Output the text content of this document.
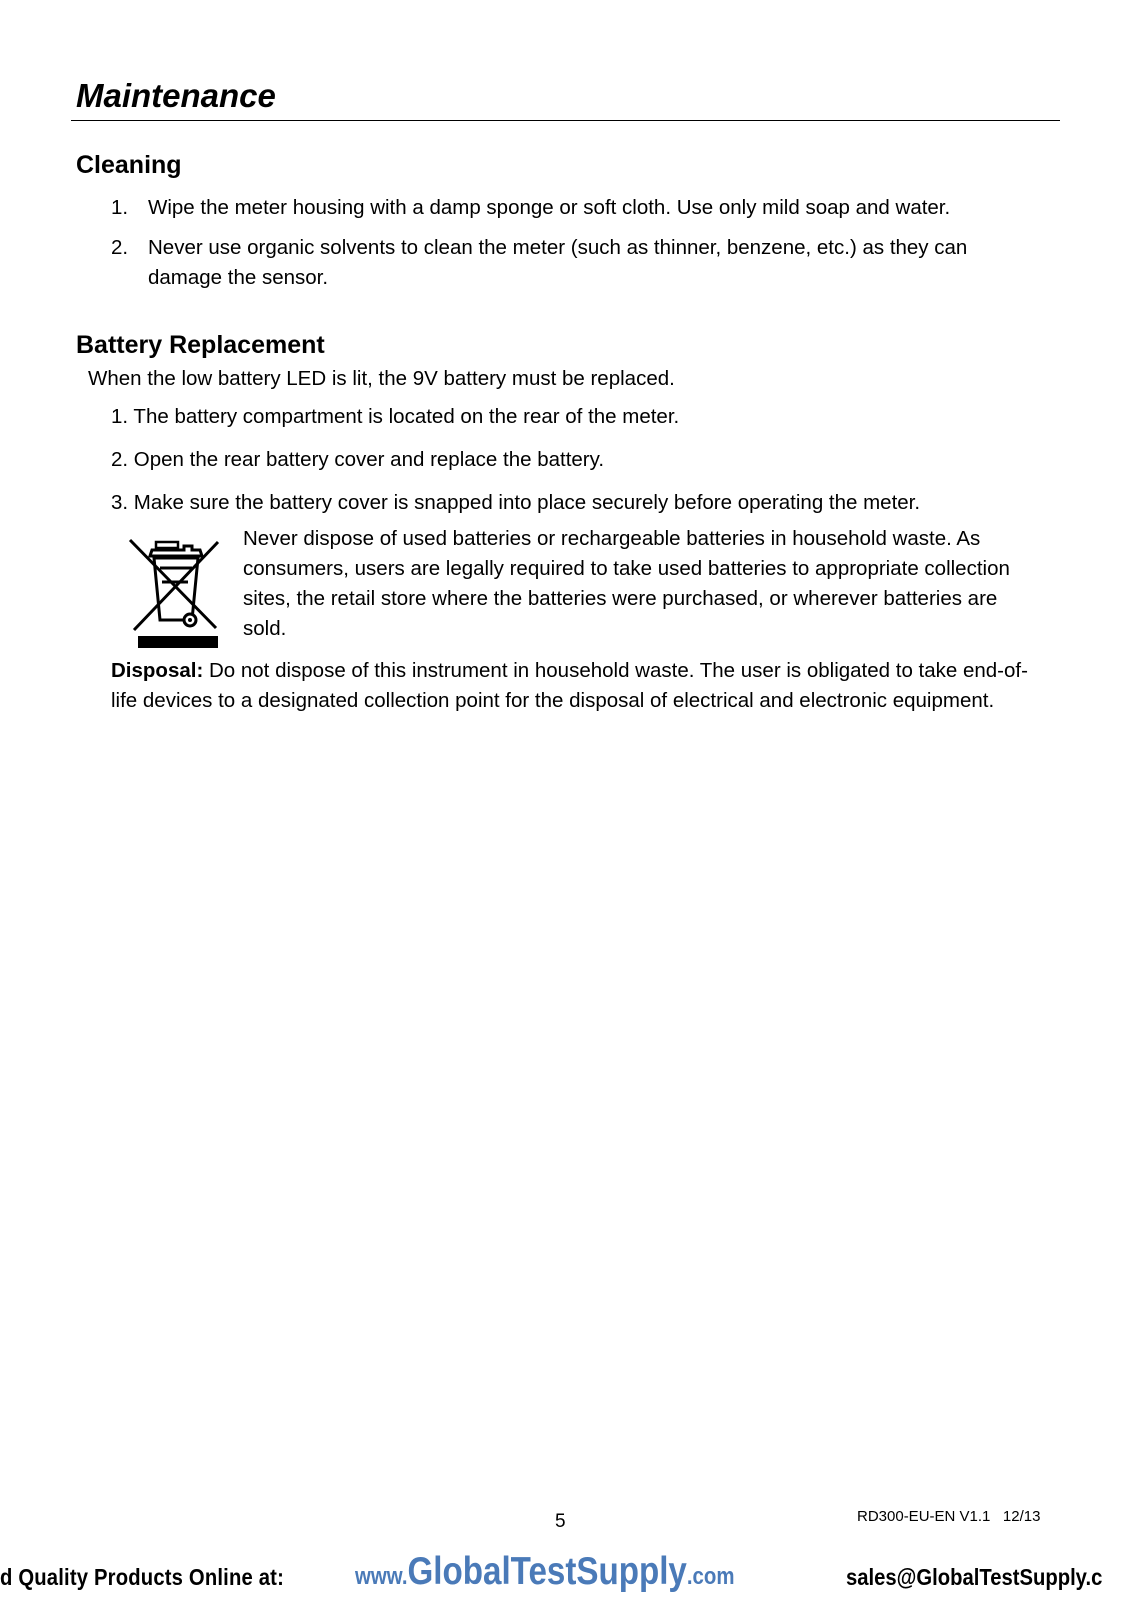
Maintenance
Cleaning
1. Wipe the meter housing with a damp sponge or soft cloth. Use only mild soap and water.
2. Never use organic solvents to clean the meter (such as thinner, benzene, etc.) as they can damage the sensor.
Battery Replacement
When the low battery LED is lit, the 9V battery must be replaced.
1. The battery compartment is located on the rear of the meter.
2. Open the rear battery cover and replace the battery.
3. Make sure the battery cover is snapped into place securely before operating the meter.
Never dispose of used batteries or rechargeable batteries in household waste. As consumers, users are legally required to take used batteries to appropriate collection sites, the retail store where the batteries were purchased, or wherever batteries are sold.
Disposal: Do not dispose of this instrument in household waste. The user is obligated to take end-of-life devices to a designated collection point for the disposal of electrical and electronic equipment.
5	RD300-EU-EN V1.1   12/13
d Quality Products Online at:	www.GlobalTestSupply.com	sales@GlobalTestSupply.c
